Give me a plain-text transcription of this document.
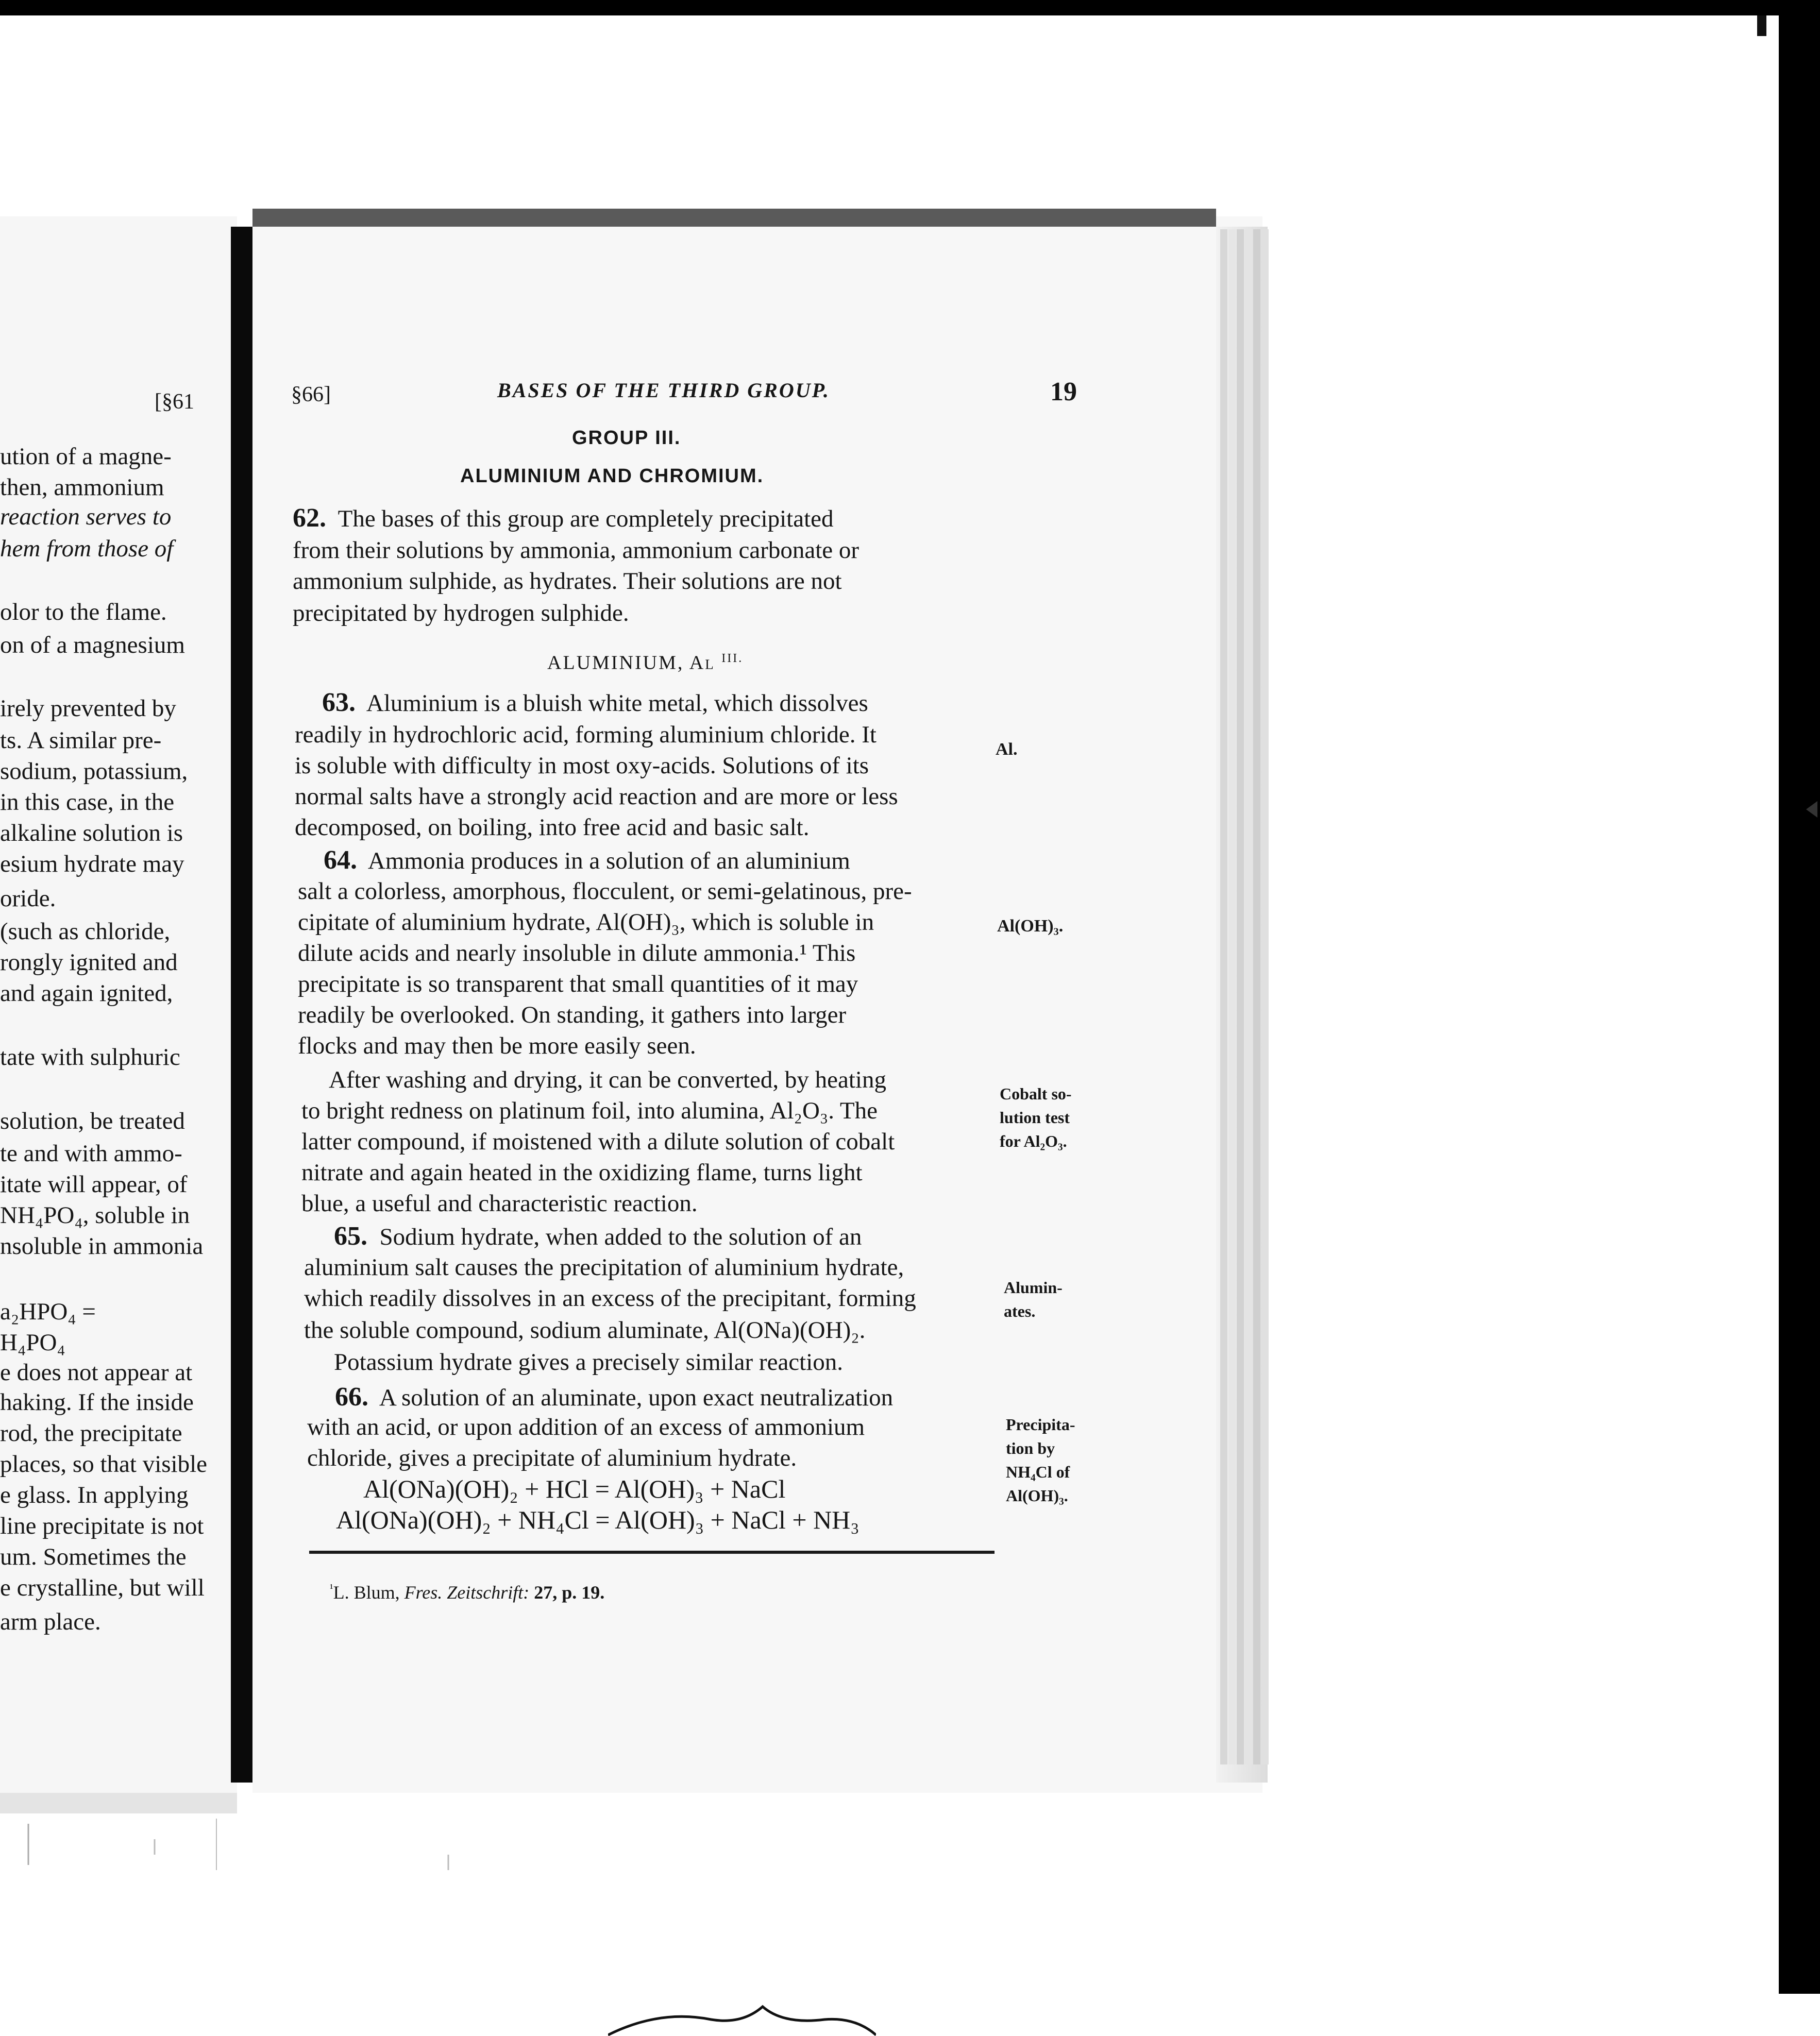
[§61
ution of a magne-
then, ammonium
reaction serves to
hem from those of
olor to the flame.
on of a magnesium
irely prevented by
ts. A similar pre-
sodium, potassium,
in this case, in the
alkaline solution is
esium hydrate may
oride.
(such as chloride,
rongly ignited and
and again ignited,
tate with sulphuric
solution, be treated
te and with ammo-
itate will appear, of
NH₄PO₄, soluble in
nsoluble in ammonia
a₂HPO₄ =
H₄PO₄
e does not appear at
haking. If the inside
rod, the precipitate
places, so that visible
e glass. In applying
line precipitate is not
um. Sometimes the
e crystalline, but will
arm place.
§66]	BASES OF THE THIRD GROUP.	19
GROUP III.
ALUMINIUM AND CHROMIUM.
62. The bases of this group are completely precipitated
from their solutions by ammonia, ammonium carbonate or
ammonium sulphide, as hydrates. Their solutions are not
precipitated by hydrogen sulphide.
ALUMINIUM, Al $^{III.}$
63. Aluminium is a bluish white metal, which dissolves
readily in hydrochloric acid, forming aluminium chloride. It
is soluble with difficulty in most oxy-acids. Solutions of its
normal salts have a strongly acid reaction and are more or less
decomposed, on boiling, into free acid and basic salt.
64. Ammonia produces in a solution of an aluminium
salt a colorless, amorphous, flocculent, or semi-gelatinous, pre-
cipitate of aluminium hydrate, Al(OH)₃, which is soluble in
dilute acids and nearly insoluble in dilute ammonia.¹ This
precipitate is so transparent that small quantities of it may
readily be overlooked. On standing, it gathers into larger
flocks and may then be more easily seen.
After washing and drying, it can be converted, by heating
to bright redness on platinum foil, into alumina, Al₂O₃. The
latter compound, if moistened with a dilute solution of cobalt
nitrate and again heated in the oxidizing flame, turns light
blue, a useful and characteristic reaction.
65. Sodium hydrate, when added to the solution of an
aluminium salt causes the precipitation of aluminium hydrate,
which readily dissolves in an excess of the precipitant, forming
the soluble compound, sodium aluminate, Al(ONa)(OH)₂.
Potassium hydrate gives a precisely similar reaction.
66. A solution of an aluminate, upon exact neutralization
with an acid, or upon addition of an excess of ammonium
chloride, gives a precipitate of aluminium hydrate.
Al(ONa)(OH)₂ + HCl = Al(OH)₃ + NaCl
Al(ONa)(OH)₂ + NH₄Cl = Al(OH)₃ + NaCl + NH₃
$^{^1}$L. Blum, Fres. Zeitschrift: 27, p. 19.
Al.
Al(OH)₃.
Cobalt so-
lution test
for Al₂O₃.
Alumin-
ates.
Precipita-
tion by
NH₄Cl of
Al(OH)₃.
